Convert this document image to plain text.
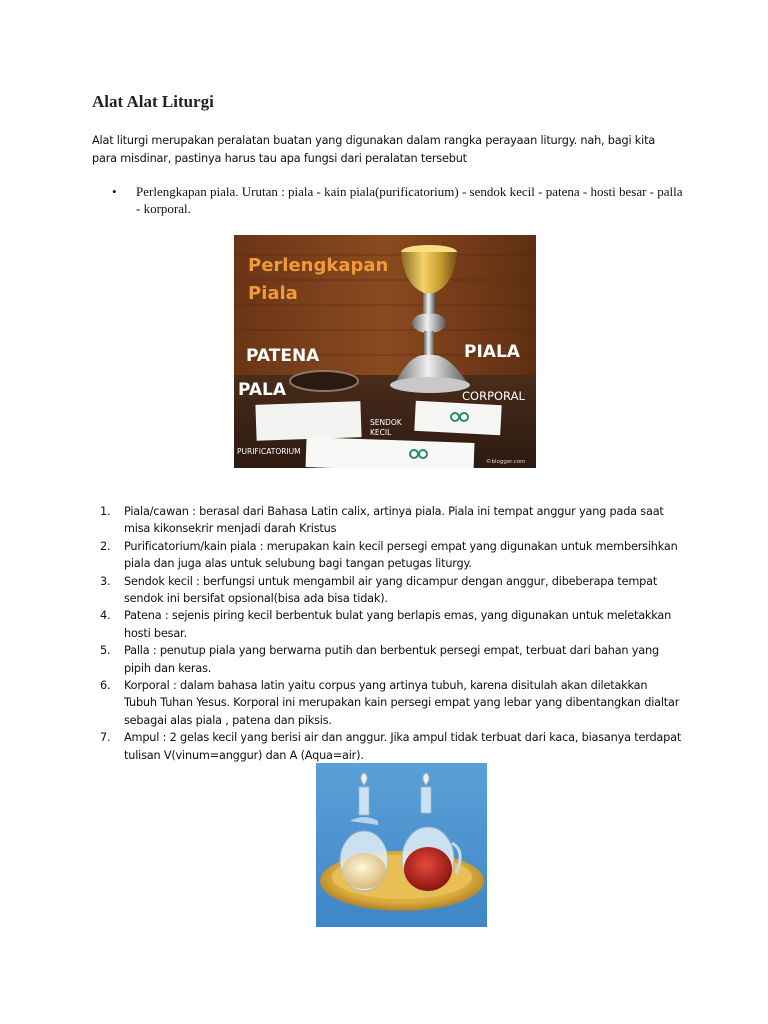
Alat Alat Liturgi

Alat liturgi merupakan peralatan buatan yang digunakan dalam rangka perayaan liturgy. nah, bagi kita para misdinar, pastinya harus tau apa fungsi dari peralatan tersebut

•	Perlengkapan piala. Urutan : piala - kain piala(purificatorium) - sendok kecil - patena - hosti besar - palla - korporal.
Perlengkapan
Piala
PATENA	PIALA
PALA	CORPORAL
SENDOK
KECIL
PURIFICATORIUM
©blogger.com
1. Piala/cawan : berasal dari Bahasa Latin calix, artinya piala. Piala ini tempat anggur yang pada saat misa kikonsekrir menjadi darah Kristus
2. Purificatorium/kain piala : merupakan kain kecil persegi empat yang digunakan untuk membersihkan piala dan juga alas untuk selubung bagi tangan petugas liturgy.
3. Sendok kecil : berfungsi untuk mengambil air yang dicampur dengan anggur, dibeberapa tempat sendok ini bersifat opsional(bisa ada bisa tidak).
4. Patena : sejenis piring kecil berbentuk bulat yang berlapis emas, yang digunakan untuk meletakkan hosti besar.
5. Palla : penutup piala yang berwarna putih dan berbentuk persegi empat, terbuat dari bahan yang pipih dan keras.
6. Korporal : dalam bahasa latin yaitu corpus yang artinya tubuh, karena disitulah akan diletakkan Tubuh Tuhan Yesus. Korporal ini merupakan kain persegi empat yang lebar yang dibentangkan dialtar sebagai alas piala , patena dan piksis.
7. Ampul : 2 gelas kecil yang berisi air dan anggur. Jika ampul tidak terbuat dari kaca, biasanya terdapat tulisan V(vinum=anggur) dan A (Aqua=air).
